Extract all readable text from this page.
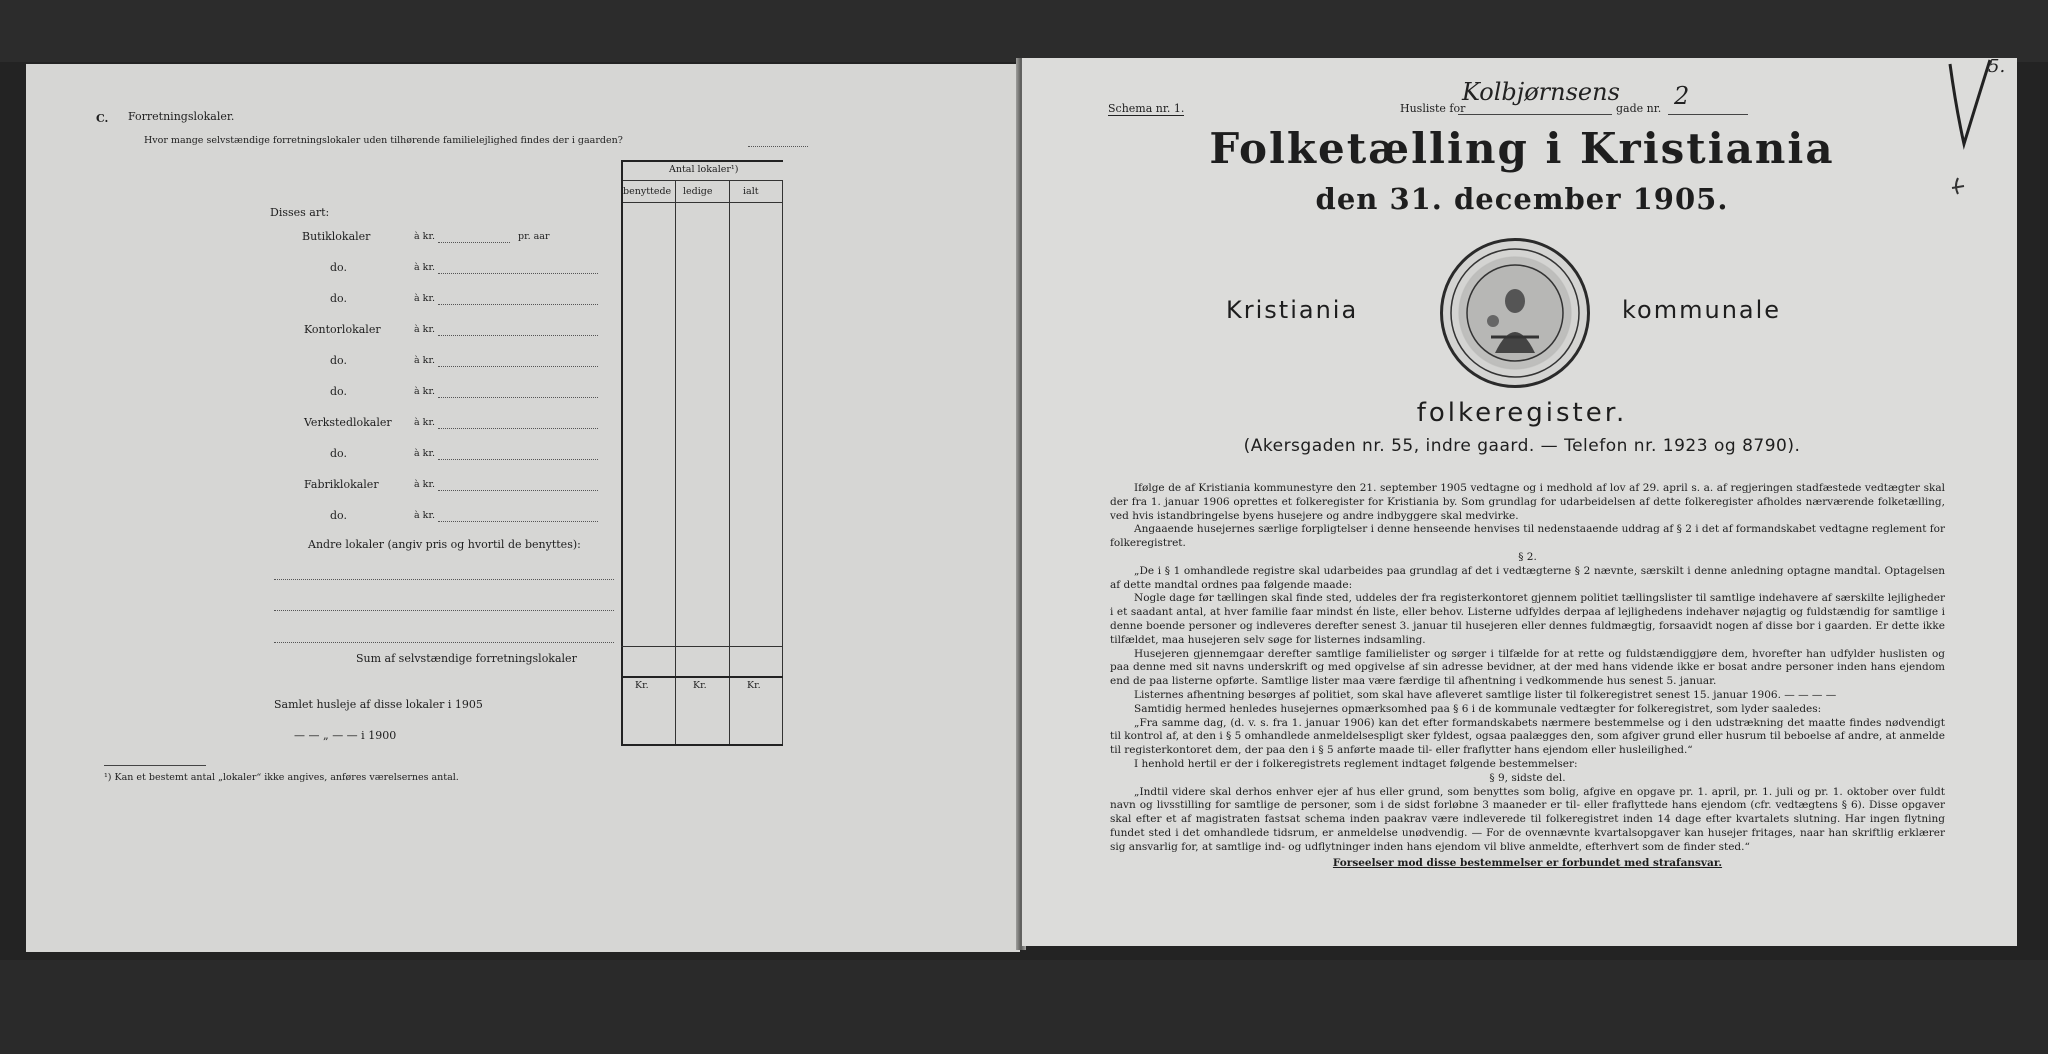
C. Forretningslokaler.
Hvor mange selvstændige forretningslokaler uden tilhørende familielejlighed findes der i gaarden?
Antal lokaler¹)
benyttede ledige	ialt
Kr.	Kr.	Kr.
Disses art:
Butiklokaler	à kr.	pr. aar
do.	à kr.
do.	à kr.
Kontorlokaler	à kr.
do.	à kr.
do.	à kr.
Verkstedlokaler à kr.
do.	à kr.
Fabriklokaler	à kr.
do.	à kr.
Andre lokaler (angiv pris og hvortil de benyttes):
Sum af selvstændige forretningslokaler
Samlet husleje af disse lokaler i 1905
— — „ — — i 1900
¹) Kan et bestemt antal „lokaler“ ikke angives, anføres værelsernes antal.
Schema nr. 1.	Husliste for
Kolbjørnsens
gade nr. 2
5.
Folketælling i Kristiania
den 31. december 1905.
Kristiania	kommunale
folkeregister.
(Akersgaden nr. 55, indre gaard. — Telefon nr. 1923 og 8790).

Ifølge de af Kristiania kommunestyre den 21. september 1905 vedtagne og i medhold af lov af 29. april s. a. af regjeringen stadfæstede vedtægter skal der fra 1. januar 1906 oprettes et folkeregister for Kristiania by. Som grundlag for udarbeidelsen af dette folkeregister afholdes nærværende folketælling, ved hvis istandbringelse byens husejere og andre indbyggere skal medvirke.

Angaaende husejernes særlige forpligtelser i denne henseende henvises til nedenstaaende uddrag af § 2 i det af formandskabet vedtagne reglement for folkeregistret.

§ 2.

„De i § 1 omhandlede registre skal udarbeides paa grundlag af det i vedtægterne § 2 nævnte, særskilt i denne anledning optagne mandtal. Optagelsen af dette mandtal ordnes paa følgende maade:

Nogle dage før tællingen skal finde sted, uddeles der fra registerkontoret gjennem politiet tællingslister til samtlige indehavere af særskilte lejligheder i et saadant antal, at hver familie faar mindst én liste, eller behov. Listerne udfyldes derpaa af lejlighedens indehaver nøjagtig og fuldstændig for samtlige i denne boende personer og indleveres derefter senest 3. januar til husejeren eller dennes fuldmægtig, forsaavidt nogen af disse bor i gaarden. Er dette ikke tilfældet, maa husejeren selv søge for listernes indsamling.

Husejeren gjennemgaar derefter samtlige familielister og sørger i tilfælde for at rette og fuldstændiggjøre dem, hvorefter han udfylder huslisten og paa denne med sit navns underskrift og med opgivelse af sin adresse bevidner, at der med hans vidende ikke er bosat andre personer inden hans ejendom end de paa listerne opførte. Samtlige lister maa være færdige til afhentning i vedkommende hus senest 5. januar.

Listernes afhentning besørges af politiet, som skal have afleveret samtlige lister til folkeregistret senest 15. januar 1906. — — — —

Samtidig hermed henledes husejernes opmærksomhed paa § 6 i de kommunale vedtægter for folkeregistret, som lyder saaledes:

„Fra samme dag, (d. v. s. fra 1. januar 1906) kan det efter formandskabets nærmere bestemmelse og i den udstrækning det maatte findes nødvendigt til kontrol af, at den i § 5 omhandlede anmeldelsespligt sker fyldest, ogsaa paalægges den, som afgiver grund eller husrum til beboelse af andre, at anmelde til registerkontoret dem, der paa den i § 5 anførte maade til- eller fraflytter hans ejendom eller husleilighed.“

I henhold hertil er der i folkeregistrets reglement indtaget følgende bestemmelser:

§ 9, sidste del.

„Indtil videre skal derhos enhver ejer af hus eller grund, som benyttes som bolig, afgive en opgave pr. 1. april, pr. 1. juli og pr. 1. oktober over fuldt navn og livsstilling for samtlige de personer, som i de sidst forløbne 3 maaneder er til- eller fraflyttede hans ejendom (cfr. vedtægtens § 6). Disse opgaver skal efter et af magistraten fastsat schema inden paakrav være indleverede til folkeregistret inden 14 dage efter kvartalets slutning. Har ingen flytning fundet sted i det omhandlede tidsrum, er anmeldelse unødvendig. — For de ovennævnte kvartalsopgaver kan husejer fritages, naar han skriftlig erklærer sig ansvarlig for, at samtlige ind- og udflytninger inden hans ejendom vil blive anmeldte, efterhvert som de finder sted.“

Forseelser mod disse bestemmelser er forbundet med strafansvar.
